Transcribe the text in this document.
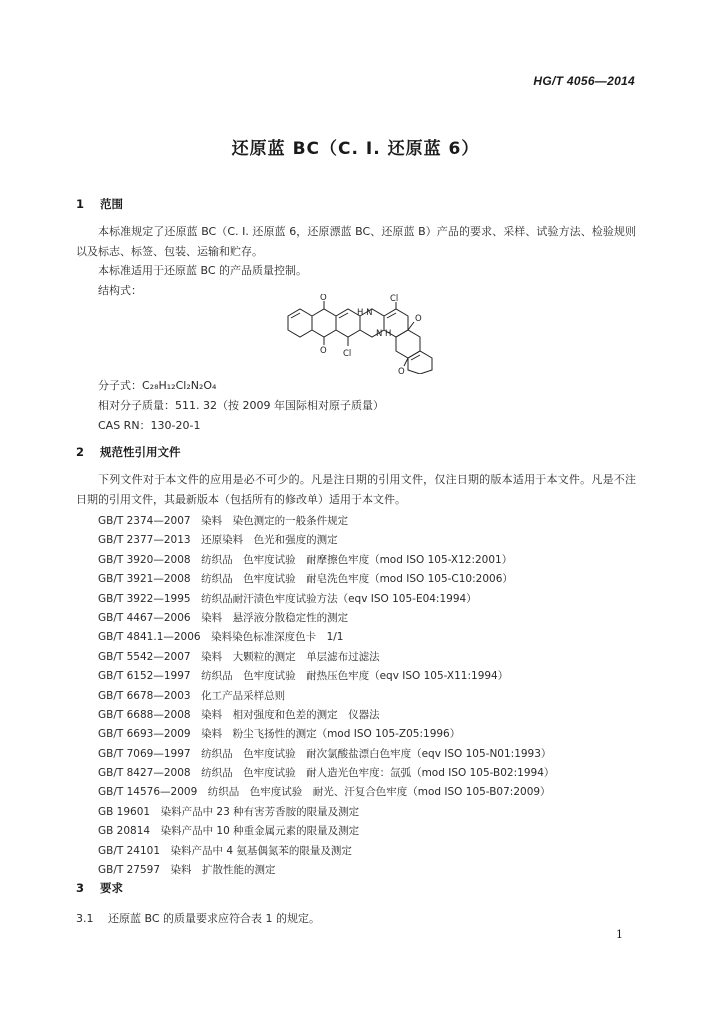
HG/T 4056—2014
还原蓝 BC（C. I. 还原蓝 6）
1 范围
本标准规定了还原蓝 BC（C. I. 还原蓝 6，还原漂蓝 BC、还原蓝 B）产品的要求、采样、试验方法、检验规则以及标志、标签、包装、运输和贮存。
本标准适用于还原蓝 BC 的产品质量控制。
结构式：
Cl
Cl
H N
N H
O
O
O
O
分子式：C₂₈H₁₂Cl₂N₂O₄
相对分子质量：511. 32（按 2009 年国际相对原子质量）
CAS RN：130-20-1
2 规范性引用文件
下列文件对于本文件的应用是必不可少的。凡是注日期的引用文件，仅注日期的版本适用于本文件。凡是不注日期的引用文件，其最新版本（包括所有的修改单）适用于本文件。
GB/T 2374—2007　染料　染色测定的一般条件规定
GB/T 2377—2013　还原染料　色光和强度的测定
GB/T 3920—2008　纺织品　色牢度试验　耐摩擦色牢度（mod ISO 105-X12:2001）
GB/T 3921—2008　纺织品　色牢度试验　耐皂洗色牢度（mod ISO 105-C10:2006）
GB/T 3922—1995　纺织品耐汗渍色牢度试验方法（eqv ISO 105-E04:1994）
GB/T 4467—2006　染料　悬浮液分散稳定性的测定
GB/T 4841.1—2006　染料染色标准深度色卡　1/1
GB/T 5542—2007　染料　大颗粒的测定　单层滤布过滤法
GB/T 6152—1997　纺织品　色牢度试验　耐热压色牢度（eqv ISO 105-X11:1994）
GB/T 6678—2003　化工产品采样总则
GB/T 6688—2008　染料　相对强度和色差的测定　仪器法
GB/T 6693—2009　染料　粉尘飞扬性的测定（mod ISO 105-Z05:1996）
GB/T 7069—1997　纺织品　色牢度试验　耐次氯酸盐漂白色牢度（eqv ISO 105-N01:1993）
GB/T 8427—2008　纺织品　色牢度试验　耐人造光色牢度：氙弧（mod ISO 105-B02:1994）
GB/T 14576—2009　纺织品　色牢度试验　耐光、汗复合色牢度（mod ISO 105-B07:2009）
GB 19601　染料产品中 23 种有害芳香胺的限量及测定
GB 20814　染料产品中 10 种重金属元素的限量及测定
GB/T 24101　染料产品中 4 氨基偶氮苯的限量及测定
GB/T 27597　染料　扩散性能的测定
3 要求
3.1 还原蓝 BC 的质量要求应符合表 1 的规定。
1
